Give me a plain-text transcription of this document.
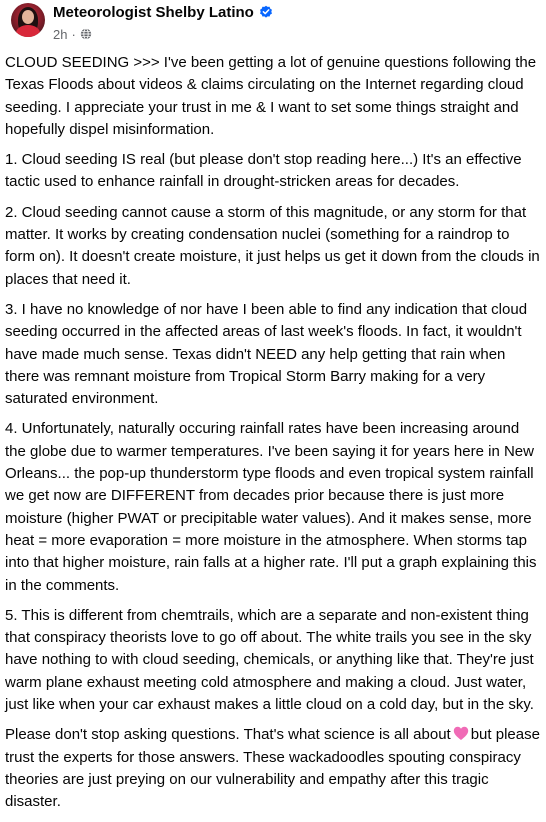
Meteorologist Shelby Latino
2h ·

CLOUD SEEDING >>> I've been getting a lot of genuine questions following the Texas Floods about videos & claims circulating on the Internet regarding cloud seeding. I appreciate your trust in me & I want to set some things straight and hopefully dispel misinformation.

1. Cloud seeding IS real (but please don't stop reading here...) It's an effective tactic used to enhance rainfall in drought-stricken areas for decades.

2. Cloud seeding cannot cause a storm of this magnitude, or any storm for that matter. It works by creating condensation nuclei (something for a raindrop to form on). It doesn't create moisture, it just helps us get it down from the clouds in places that need it.

3. I have no knowledge of nor have I been able to find any indication that cloud seeding occurred in the affected areas of last week's floods. In fact, it wouldn't have made much sense. Texas didn't NEED any help getting that rain when there was remnant moisture from Tropical Storm Barry making for a very saturated environment.

4. Unfortunately, naturally occuring rainfall rates have been increasing around the globe due to warmer temperatures. I've been saying it for years here in New Orleans... the pop-up thunderstorm type floods and even tropical system rainfall we get now are DIFFERENT from decades prior because there is just more moisture (higher PWAT or precipitable water values). And it makes sense, more heat = more evaporation = more moisture in the atmosphere. When storms tap into that higher moisture, rain falls at a higher rate. I'll put a graph explaining this in the comments.

5. This is different from chemtrails, which are a separate and non-existent thing that conspiracy theorists love to go off about. The white trails you see in the sky have nothing to with cloud seeding, chemicals, or anything like that. They're just warm plane exhaust meeting cold atmosphere and making a cloud. Just water, just like when your car exhaust makes a little cloud on a cold day, but in the sky.

Please don't stop asking questions. That's what science is all about but please trust the experts for those answers. These wackadoodles spouting conspiracy theories are just preying on our vulnerability and empathy after this tragic disaster.
